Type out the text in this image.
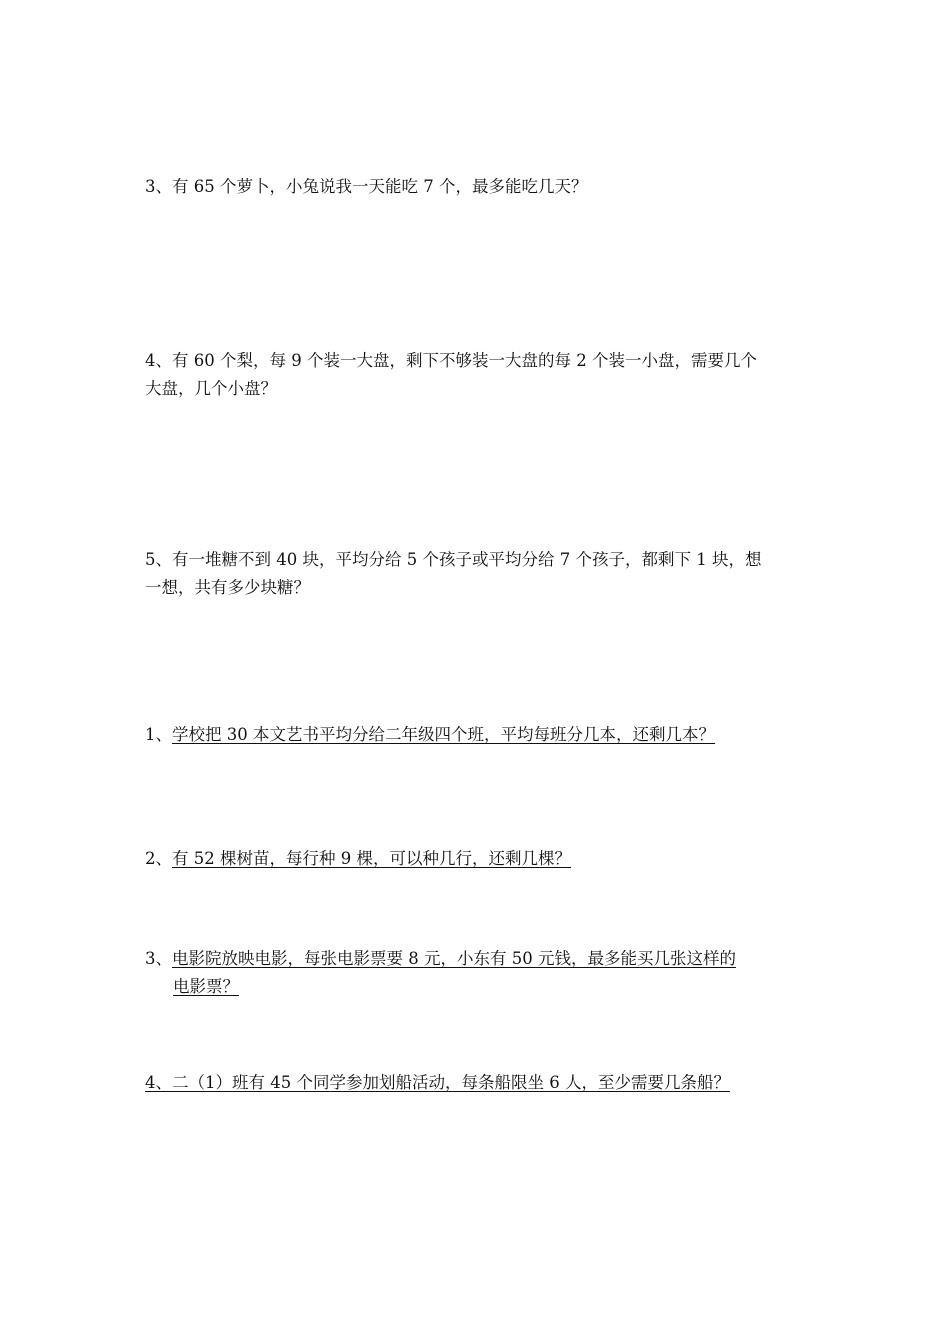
3、有 65 个萝卜，小兔说我一天能吃 7 个，最多能吃几天？
4、有 60 个梨，每 9 个装一大盘，剩下不够装一大盘的每 2 个装一小盘，需要几个
大盘，几个小盘？
5、有一堆糖不到 40 块，平均分给 5 个孩子或平均分给 7 个孩子，都剩下 1 块，想
一想，共有多少块糖？
1、学校把 30 本文艺书平均分给二年级四个班，平均每班分几本，还剩几本？
2、有 52 棵树苗，每行种 9 棵，可以种几行，还剩几棵？
3、电影院放映电影，每张电影票要 8 元，小东有 50 元钱，最多能买几张这样的
电影票？
4、二（1）班有 45 个同学参加划船活动，每条船限坐 6 人，至少需要几条船？
